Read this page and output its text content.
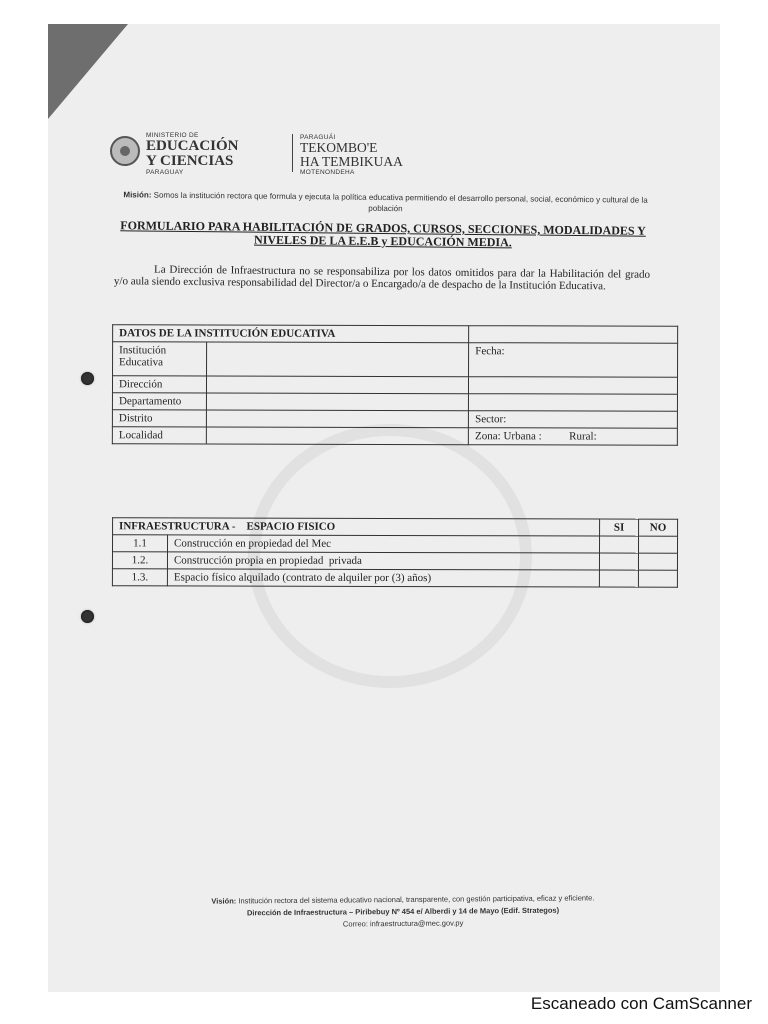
MINISTERIO DE
EDUCACIÓN
Y CIENCIAS
PARAGUAY
PARAGUÁI
TEKOMBO'E
HA TEMBIKUAA
MOTENONDEHA
Misión: Somos la institución rectora que formula y ejecuta la política educativa permitiendo el desarrollo personal, social, económico y cultural de la población
FORMULARIO PARA HABILITACIÓN DE GRADOS, CURSOS, SECCIONES, MODALIDADES Y NIVELES DE LA E.E.B y EDUCACIÓN MEDIA.
La Dirección de Infraestructura no se responsabiliza por los datos omitidos para dar la Habilitación del grado y/o aula siendo exclusiva responsabilidad del Director/a o Encargado/a de despacho de la Institución Educativa.
DATOS DE LA INSTITUCIÓN EDUCATIVA		
Institución Educativa		Fecha:
Dirección		
Departamento		
Distrito		Sector:
Localidad		Zona: Urbana :          Rural:
INFRAESTRUCTURA -    ESPACIO FISICO		SI	NO
1.1	Construcción en propiedad del Mec		
1.2.	Construcción propia en propiedad  privada		
1.3.	Espacio físico alquilado (contrato de alquiler por (3) años)		
Visión: Institución rectora del sistema educativo nacional, transparente, con gestión participativa, eficaz y eficiente.
Dirección de Infraestructura – Piribebuy Nº 454 e/ Alberdi y 14 de Mayo (Edif. Strategos)
Correo: infraestructura@mec.gov.py
Escaneado con CamScanner
